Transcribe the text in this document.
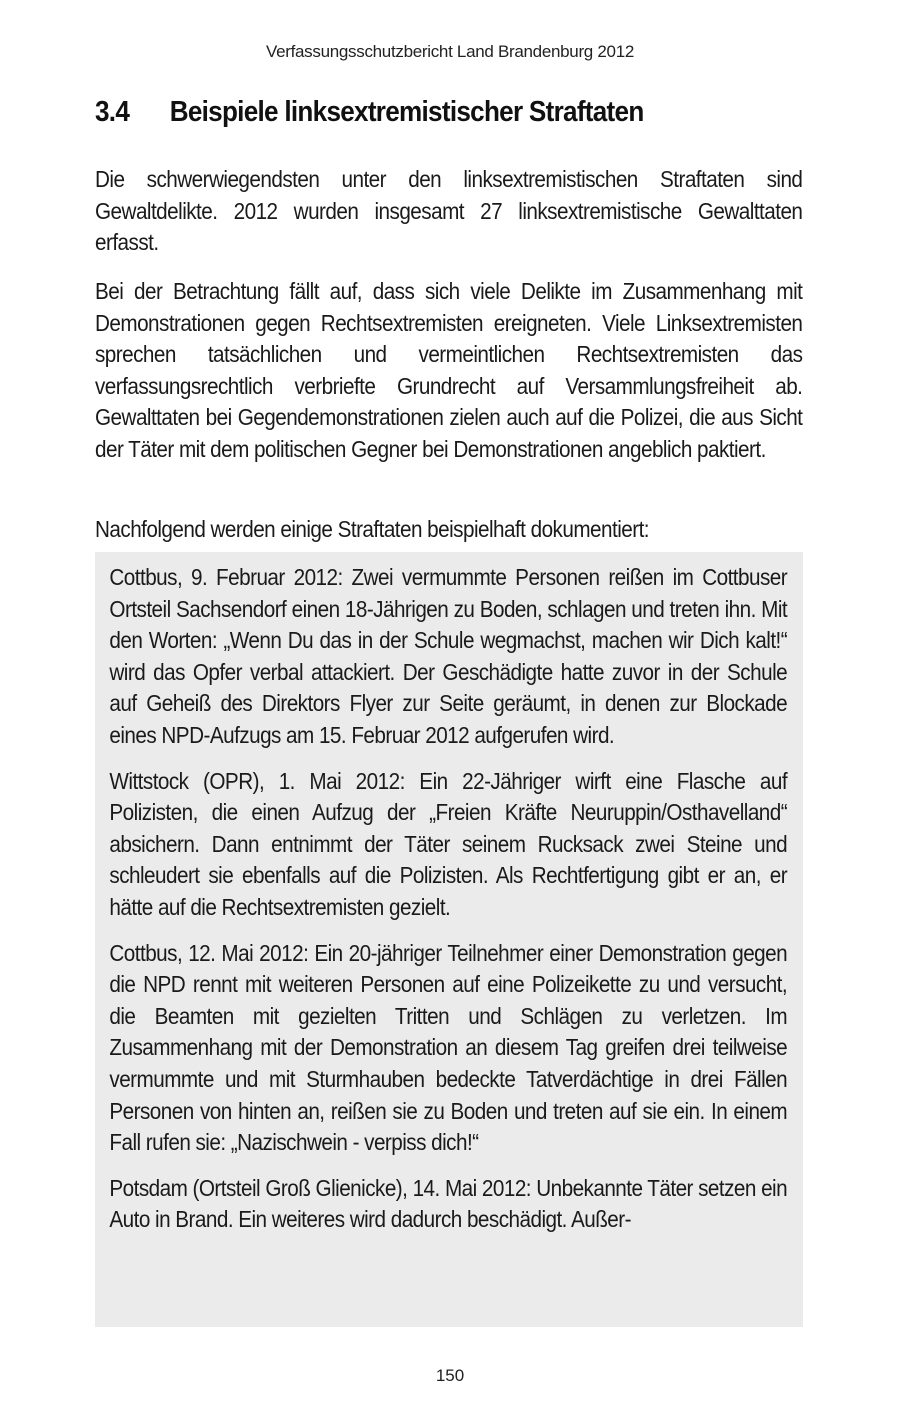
Verfassungsschutzbericht Land Brandenburg 2012
3.4 Beispiele linksextremistischer Straftaten

Die schwerwiegendsten unter den linksextremistischen Straftaten sind Gewaltdelikte. 2012 wurden insgesamt 27 linksextremistische Gewalttaten erfasst.

Bei der Betrachtung fällt auf, dass sich viele Delikte im Zusammenhang mit Demonstrationen gegen Rechtsextremisten ereigneten. Viele Linksextremisten sprechen tatsächlichen und vermeintlichen Rechtsextremisten das verfassungsrechtlich verbriefte Grundrecht auf Versammlungsfreiheit ab. Gewalttaten bei Gegendemonstrationen zielen auch auf die Polizei, die aus Sicht der Täter mit dem politischen Gegner bei Demonstrationen angeblich paktiert.

Nachfolgend werden einige Straftaten beispielhaft dokumentiert:

Cottbus, 9. Februar 2012: Zwei vermummte Personen reißen im Cottbuser Ortsteil Sachsendorf einen 18-Jährigen zu Boden, schlagen und treten ihn. Mit den Worten: „Wenn Du das in der Schule wegmachst, machen wir Dich kalt!“ wird das Opfer verbal attackiert. Der Geschädigte hatte zuvor in der Schule auf Geheiß des Direktors Flyer zur Seite geräumt, in denen zur Blockade eines NPD-Aufzugs am 15. Februar 2012 aufgerufen wird.

Wittstock (OPR), 1. Mai 2012: Ein 22-Jähriger wirft eine Flasche auf Polizisten, die einen Aufzug der „Freien Kräfte Neuruppin/Osthavelland“ absichern. Dann entnimmt der Täter seinem Rucksack zwei Steine und schleudert sie ebenfalls auf die Polizisten. Als Rechtfertigung gibt er an, er hätte auf die Rechtsextremisten gezielt.

Cottbus, 12. Mai 2012: Ein 20-jähriger Teilnehmer einer Demonstration gegen die NPD rennt mit weiteren Personen auf eine Polizeikette zu und versucht, die Beamten mit gezielten Tritten und Schlägen zu verletzen. Im Zusammenhang mit der Demonstration an diesem Tag greifen drei teilweise vermummte und mit Sturmhauben bedeckte Tatverdächtige in drei Fällen Personen von hinten an, reißen sie zu Boden und treten auf sie ein. In einem Fall rufen sie: „Nazischwein - verpiss dich!“

Potsdam (Ortsteil Groß Glienicke), 14. Mai 2012: Unbekannte Täter setzen ein Auto in Brand. Ein weiteres wird dadurch beschädigt. Außer-

150
